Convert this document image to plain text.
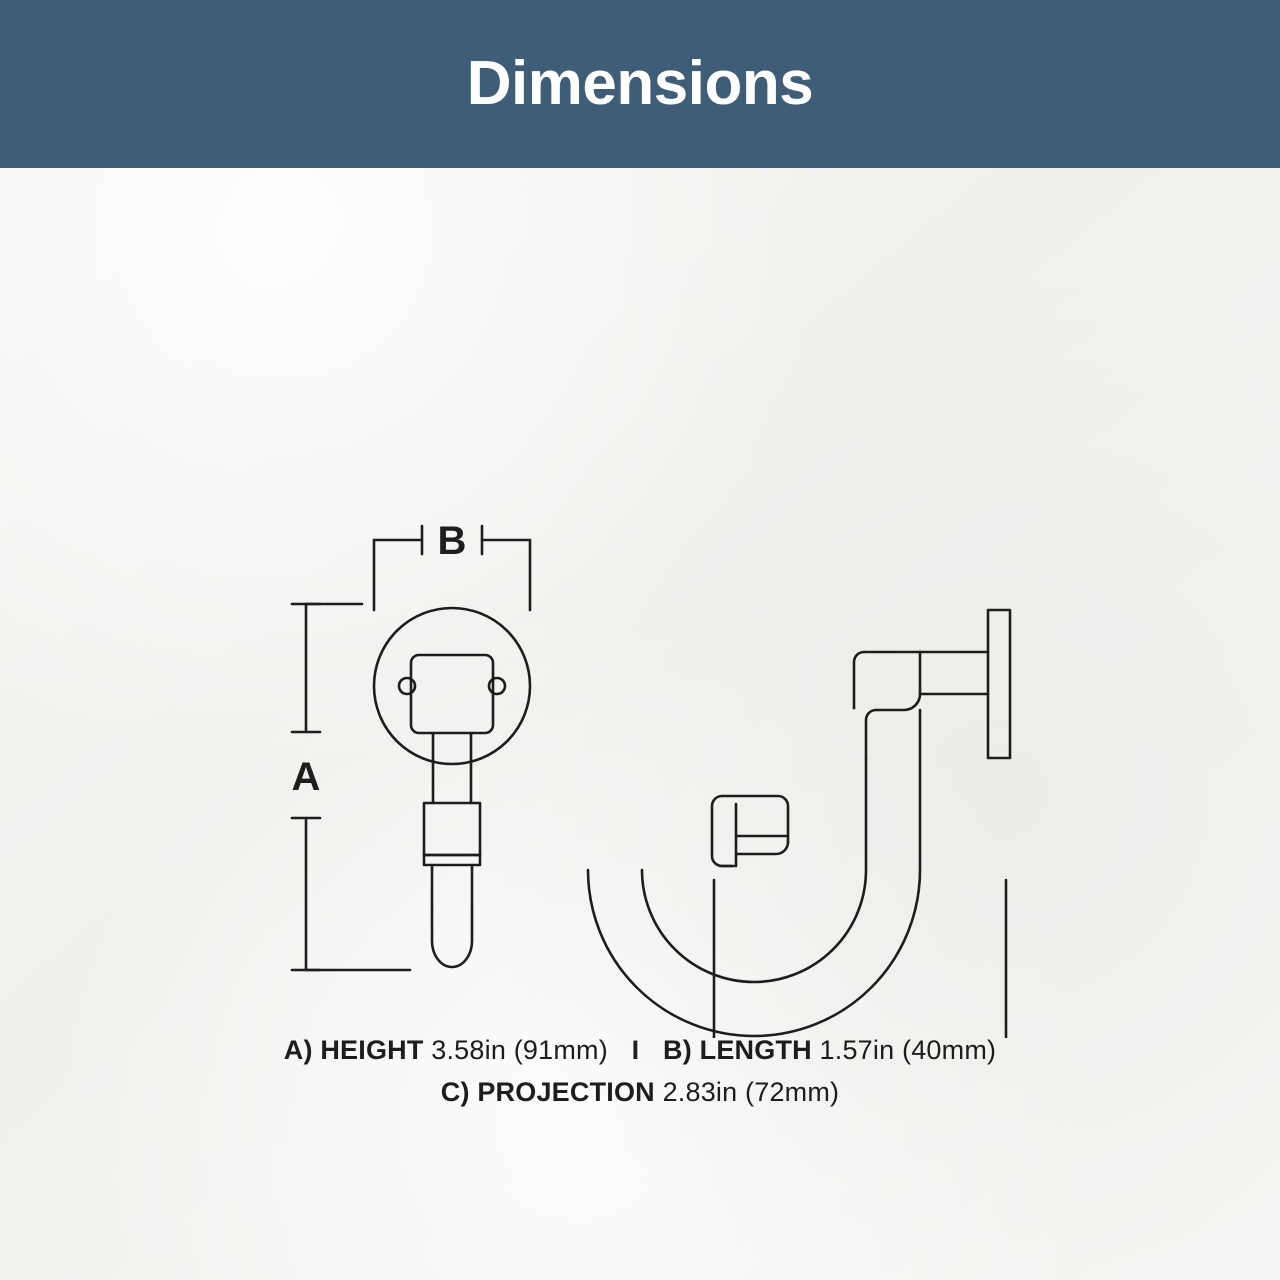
Dimensions
B
A
A) HEIGHT 3.58in (91mm) I B) LENGTH 1.57in (40mm)
C) PROJECTION 2.83in (72mm)
